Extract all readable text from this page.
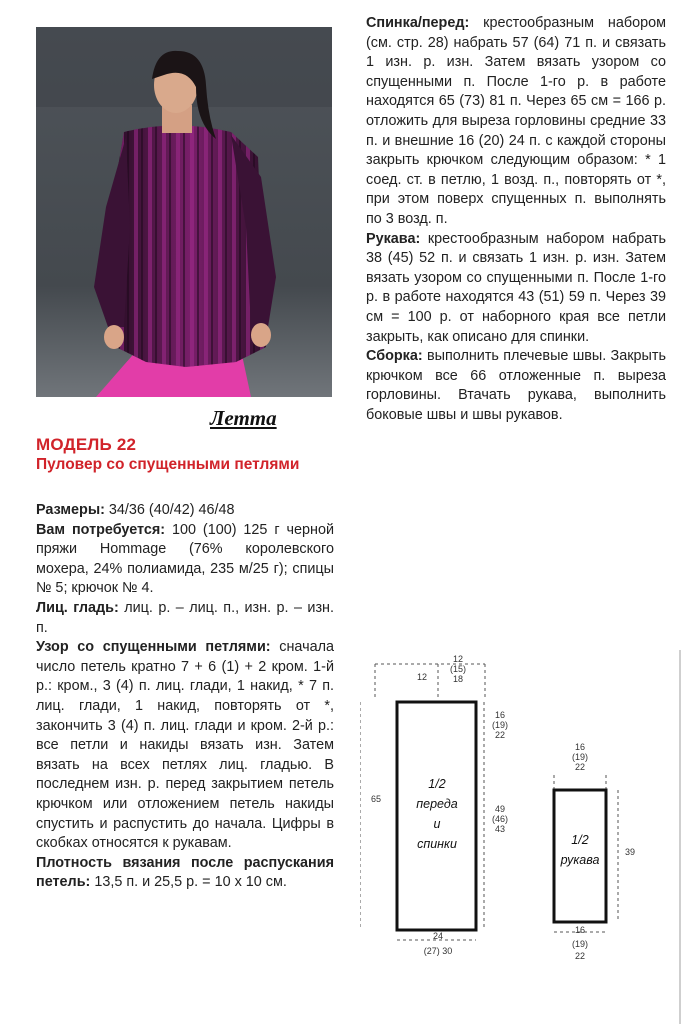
Летта
МОДЕЛЬ 22
Пуловер со спущенными петлями

Размеры: 34/36 (40/42) 46/48

Вам потребуется: 100 (100) 125 г черной пряжи Hommage (76% королевского мохера, 24% полиамида, 235 м/25 г); спицы № 5; крючок № 4.

Лиц. гладь: лиц. р. – лиц. п., изн. р. – изн. п.

Узор со спущенными петлями: сначала число петель кратно 7 + 6 (1) + 2 кром. 1-й р.: кром., 3 (4) п. лиц. глади, 1 накид, * 7 п. лиц. глади, 1 накид, повторять от *, закончить 3 (4) п. лиц. глади и кром. 2-й р.: все петли и накиды вязать изн. Затем вязать на всех петлях лиц. гладью. В последнем изн. р. перед закрытием петель крючком или отложением петель накиды спустить и распустить до начала. Цифры в скобках относятся к рукавам.

Плотность вязания после распускания петель: 13,5 п. и 25,5 р. = 10 х 10 см.

Спинка/перед: крестообразным набором (см. стр. 28) набрать 57 (64) 71 п. и связать 1 изн. р. изн. Затем вязать узором со спущенными п. После 1-го р. в работе находятся 65 (73) 81 п. Через 65 см = 166 р. отложить для выреза горловины средние 33 п. и внешние 16 (20) 24 п. с каждой стороны закрыть крючком следующим образом: * 1 соед. ст. в петлю, 1 возд. п., повторять от *, при этом поверх спущенных п. выполнять по 3 возд. п.

Рукава: крестообразным набором набрать 38 (45) 52 п. и связать 1 изн. р. изн. Затем вязать узором со спущенными п. После 1-го р. в работе находятся 43 (51) 59 п. Через 39 см = 100 р. от наборного края все петли закрыть, как описано для спинки.

Сборка: выполнить плечевые швы. Закрыть крючком все 66 отложенные п. выреза горловины. Втачать рукава, выполнить боковые швы и швы рукавов.

12
12
(15)
18
16
(19)
22
65
49
(46)
43
1/2
переда
и
спинки
24
(27) 30
16
(19)
22
1/2
рукава
39
16
(19)
22
